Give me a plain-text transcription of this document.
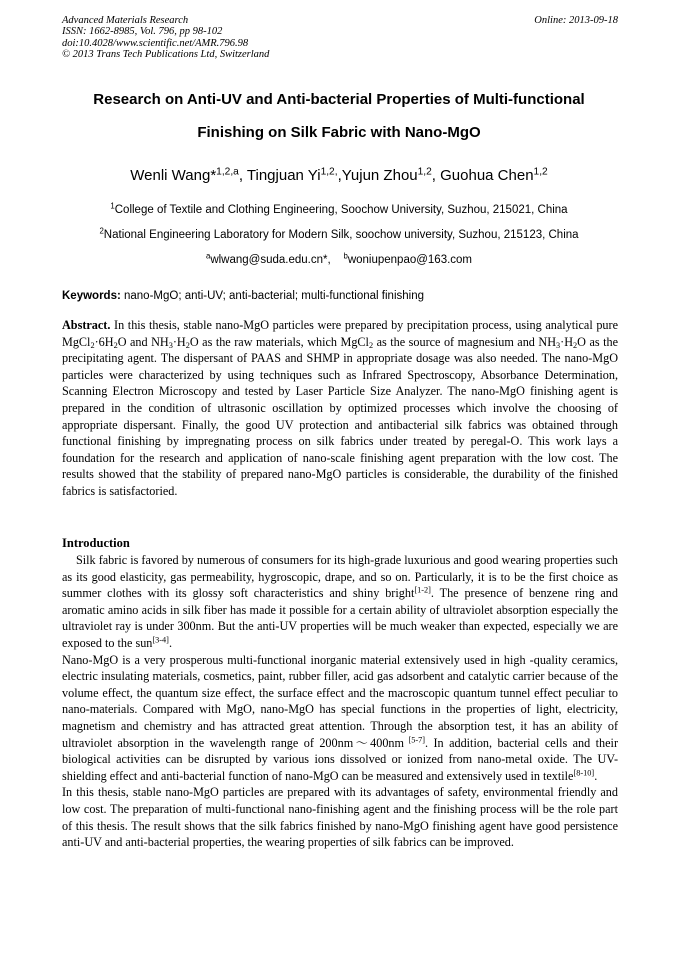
Advanced Materials Research
ISSN: 1662-8985, Vol. 796, pp 98-102
doi:10.4028/www.scientific.net/AMR.796.98
© 2013 Trans Tech Publications Ltd, Switzerland
Online: 2013-09-18
Research on Anti-UV and Anti-bacterial Properties of Multi-functional
Finishing on Silk Fabric with Nano-MgO
Wenli Wang*$^{1,2,a}$, Tingjuan $Yi^{1,2,},Yujun$ Zhou$^{1,2}$, Guohua Chen$^{1,2}$
$^1$College of Textile and Clothing Engineering, Soochow University, Suzhou, 215021, China
$^2$National Engineering Laboratory for Modern Silk, soochow university, Suzhou, 215123, China
$^a$wlwang@suda.edu.cn*, $^b$woniupenpao@163.com
Keywords: nano-MgO; anti-UV; anti-bacterial; multi-functional finishing

Abstract. In this thesis, stable nano-MgO particles were prepared by precipitation process, using analytical pure $MgCl_2\cdot 6H_2O$ and $NH_3\cdot H_2O$ as the raw materials, which MgCl$_2$ as the source of magnesium and $NH_3\cdot H_2O$ as the precipitating agent. The dispersant of PAAS and SHMP in appropriate dosage was also needed. The nano-MgO particles were characterized by using techniques such as Infrared Spectroscopy, Absorbance Determination, Scanning Electron Microscopy and tested by Laser Particle Size Analyzer. The nano-MgO finishing agent is prepared in the condition of ultrasonic oscillation by optimized processes which involve the choosing of appropriate dispersant. Finally, the good UV protection and antibacterial silk fabrics was obtained through functional finishing by impregnating process on silk fabrics under treated by peregal-O. This work lays a foundation for the research and application of nano-scale finishing agent preparation with the low cost. The results showed that the stability of prepared nano-MgO particles is considerable, the durability of the finished fabrics is satisfactoried.

Introduction

Silk fabric is favored by numerous of consumers for its high-grade luxurious and good wearing properties such as its good elasticity, gas permeability, hygroscopic, drape, and so on. Particularly, it is to be the first choice as summer clothes with its glossy soft characteristics and shiny bright[1-2]. The presence of benzene ring and aromatic amino acids in silk fiber has made it possible for a certain ability of ultraviolet absorption especially the ultraviolet ray is under 300nm. But the anti-UV properties will be much weaker than expected, especially we are exposed to the sun[3-4].

Nano-MgO is a very prosperous multi-functional inorganic material extensively used in high -quality ceramics, electric insulating materials, cosmetics, paint, rubber filler, acid gas adsorbent and catalytic carrier because of the volume effect, the quantum size effect, the surface effect and the macroscopic quantum tunnel effect peculiar to nano-materials. Compared with MgO, nano-MgO has special functions in the properties of light, electricity, magnetism and chemistry and has attracted great attention. Through the absorption test, it has an ability of ultraviolet absorption in the wavelength range of 200nm～400nm [5-7]. In addition, bacterial cells and their biological activities can be disrupted by various ions dissolved or ionized from nano-metal oxide. The UV-shielding effect and anti-bacterial function of nano-MgO can be measured and extensively used in textile[8-10].

In this thesis, stable nano-MgO particles are prepared with its advantages of safety, environmental friendly and low cost. The preparation of multi-functional nano-finishing agent and the finishing process will be the role part of this thesis. The result shows that the silk fabrics finished by nano-MgO finishing agent have good persistence anti-UV and anti-bacterial properties, the wearing properties of silk fabrics can be improved.
